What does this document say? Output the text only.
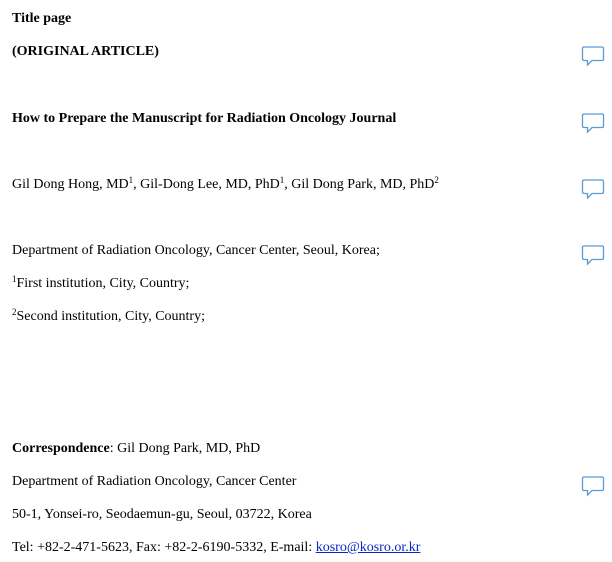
Title page
(ORIGINAL ARTICLE)
How to Prepare the Manuscript for Radiation Oncology Journal
Gil Dong Hong, $MD^1$, Gil-Dong Lee, MD, PhD$^1$, Gil Dong Park, MD, PhD$^2$
Department of Radiation Oncology, Cancer Center, Seoul, Korea;
$^1$First institution, City, Country;
$^2$Second institution, City, Country;
Correspondence: Gil Dong Park, MD, PhD
Department of Radiation Oncology, Cancer Center
50-1, Yonsei-ro, Seodaemun-gu, Seoul, 03722, Korea
Tel: +82-2-471-5623, Fax: +82-2-6190-5332, E-mail: kosro@kosro.or.kr
